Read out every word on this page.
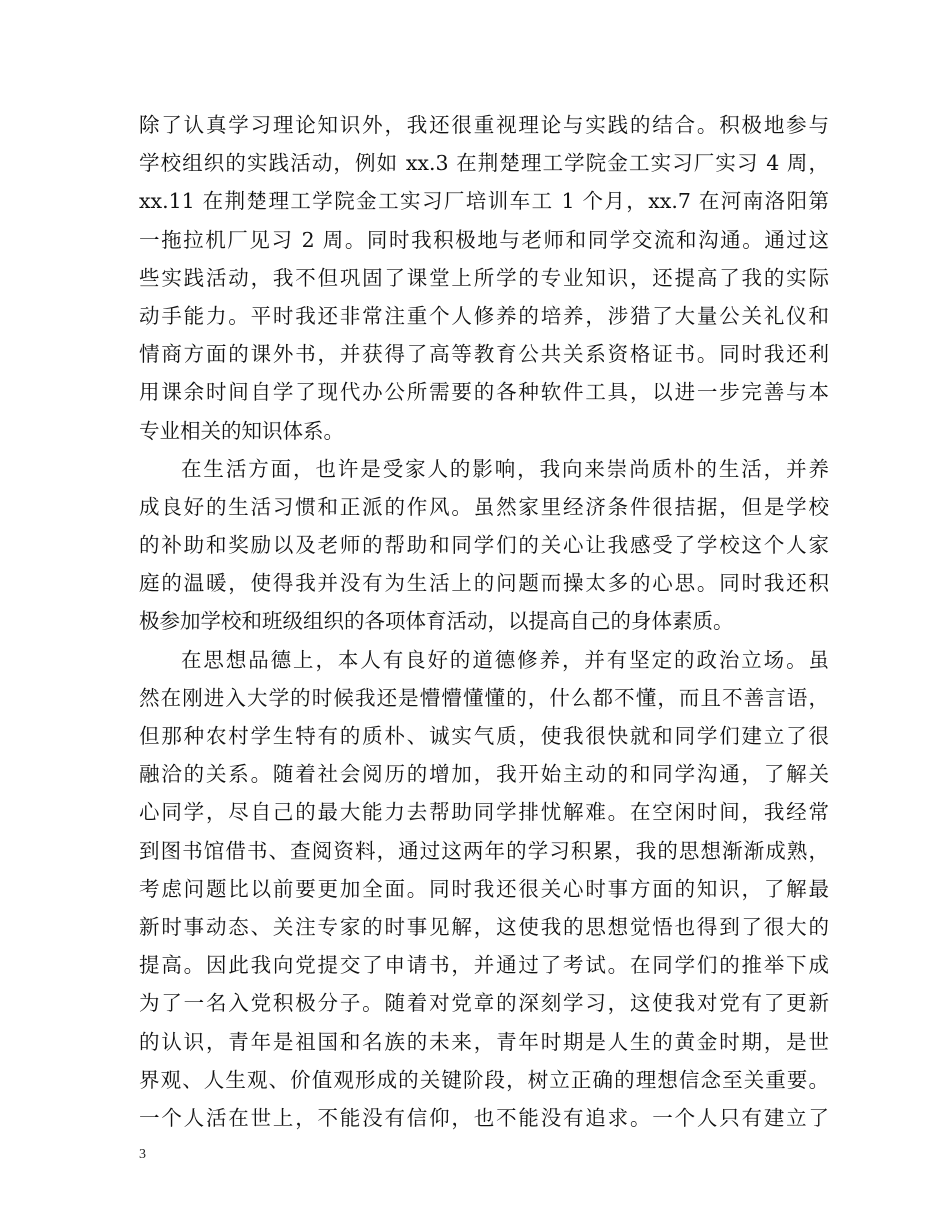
除了认真学习理论知识外，我还很重视理论与实践的结合。积极地参与
学校组织的实践活动，例如 xx.3 在荆楚理工学院金工实习厂实习 4 周，
xx.11 在荆楚理工学院金工实习厂培训车工 1 个月，xx.7 在河南洛阳第
一拖拉机厂见习 2 周。同时我积极地与老师和同学交流和沟通。通过这
些实践活动，我不但巩固了课堂上所学的专业知识，还提高了我的实际
动手能力。平时我还非常注重个人修养的培养，涉猎了大量公关礼仪和
情商方面的课外书，并获得了高等教育公共关系资格证书。同时我还利
用课余时间自学了现代办公所需要的各种软件工具，以进一步完善与本
专业相关的知识体系。
在生活方面，也许是受家人的影响，我向来崇尚质朴的生活，并养
成良好的生活习惯和正派的作风。虽然家里经济条件很拮据，但是学校
的补助和奖励以及老师的帮助和同学们的关心让我感受了学校这个人家
庭的温暖，使得我并没有为生活上的问题而操太多的心思。同时我还积
极参加学校和班级组织的各项体育活动，以提高自己的身体素质。
在思想品德上，本人有良好的道德修养，并有坚定的政治立场。虽
然在刚进入大学的时候我还是懵懵懂懂的，什么都不懂，而且不善言语，
但那种农村学生特有的质朴、诚实气质，使我很快就和同学们建立了很
融洽的关系。随着社会阅历的增加，我开始主动的和同学沟通，了解关
心同学，尽自己的最大能力去帮助同学排忧解难。在空闲时间，我经常
到图书馆借书、查阅资料，通过这两年的学习积累，我的思想渐渐成熟，
考虑问题比以前要更加全面。同时我还很关心时事方面的知识，了解最
新时事动态、关注专家的时事见解，这使我的思想觉悟也得到了很大的
提高。因此我向党提交了申请书，并通过了考试。在同学们的推举下成
为了一名入党积极分子。随着对党章的深刻学习，这使我对党有了更新
的认识，青年是祖国和名族的未来，青年时期是人生的黄金时期，是世
界观、人生观、价值观形成的关键阶段，树立正确的理想信念至关重要。
一个人活在世上，不能没有信仰，也不能没有追求。一个人只有建立了
3
